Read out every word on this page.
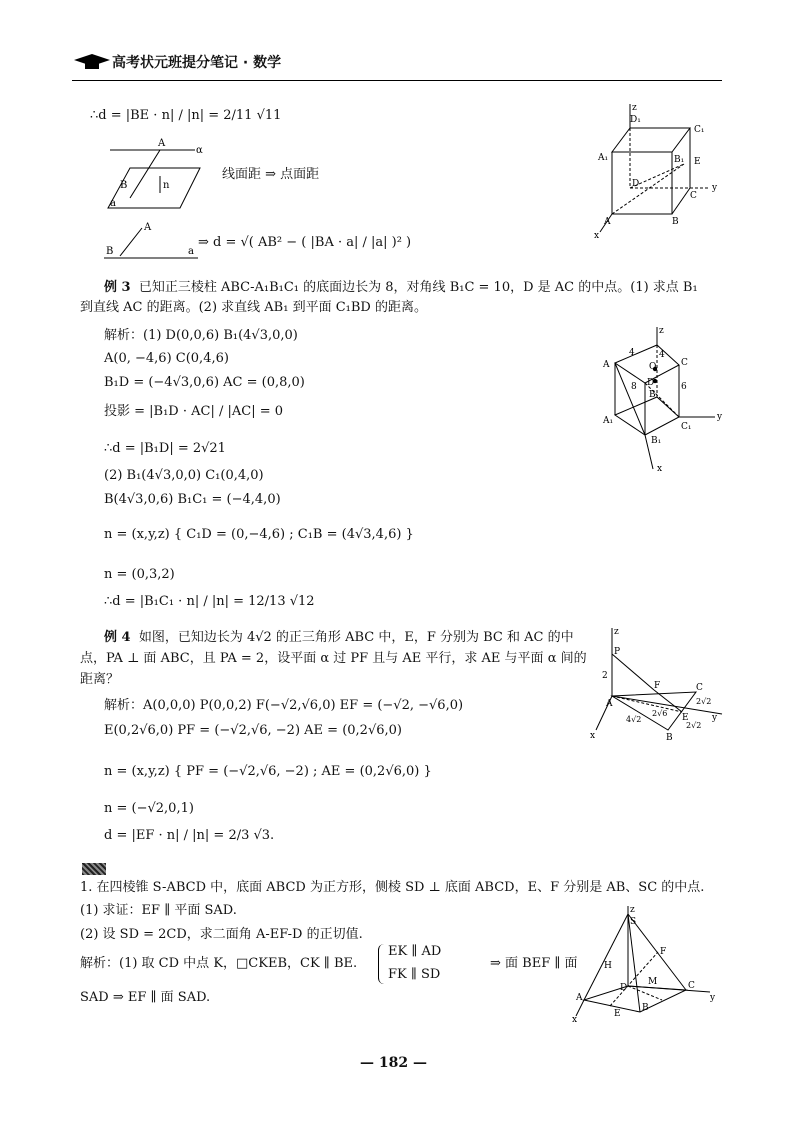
高考状元班提分笔记 · 数学
∴d = |BE · n| / |n| = 2/11 √11
A
α
B	n
a
线面距 ⇒ 点面距
A
B	a
⇒ d = √( AB² − ( |BA · a| / |a| )² )
z
D₁
C₁
A₁	B₁ E
D
C
y
A	B
x
例 3 已知正三棱柱 ABC-A₁B₁C₁ 的底面边长为 8，对角线 B₁C = 10，D 是 AC 的中点。(1) 求点 B₁
到直线 AC 的距离。(2) 求直线 AB₁ 到平面 C₁BD 的距离。
解析：(1) D(0,0,6) B₁(4√3,0,0)
A(0, −4,6) C(0,4,6)
B₁D = (−4√3,0,6) AC = (0,8,0)
投影 = |B₁D · AC| / |AC| = 0
∴d = |B₁D| = 2√21
(2) B₁(4√3,0,0) C₁(0,4,0)
B(4√3,0,6) B₁C₁ = (−4,4,0)
n = (x,y,z) { C₁D = (0,−4,6) ; C₁B = (4√3,4,6) }
n = (0,3,2)
∴d = |B₁C₁ · n| / |n| = 12/13 √12
z
4	4
A	O	C
D	6
8
B
A₁
C₁
B₁
y
x
例 4 如图，已知边长为 4√2 的正三角形 ABC 中，E，F 分别为 BC 和 AC 的中
点，PA ⊥ 面 ABC，且 PA = 2，设平面 α 过 PF 且与 AE 平行，求 AE 与平面 α 间的
距离？
解析：A(0,0,0) P(0,0,2) F(−√2,√6,0) EF = (−√2, −√6,0)
E(0,2√6,0) PF = (−√2,√6, −2) AE = (0,2√6,0)
n = (x,y,z) { PF = (−√2,√6, −2) ; AE = (0,2√6,0) }
n = (−√2,0,1)
d = |EF · n| / |n| = 2/3 √3.
z
P
2
F	C
A
E
2√2
2√6
4√2
2√2
B
y
x
1. 在四棱锥 S-ABCD 中，底面 ABCD 为正方形，侧棱 SD ⊥ 底面 ABCD，E、F 分别是 AB、SC 的中点.
(1) 求证：EF ∥ 平面 SAD.
(2) 设 SD = 2CD，求二面角 A-EF-D 的正切值.
解析：(1) 取 CD 中点 K，□CKEB，CK ∥ BE.
EK ∥ AD
FK ∥ SD
⇒ 面 BEF ∥ 面
SAD ⇒ EF ∥ 面 SAD.
z
S
H
F
D
M
A
E
B
C
y
x
— 182 —
